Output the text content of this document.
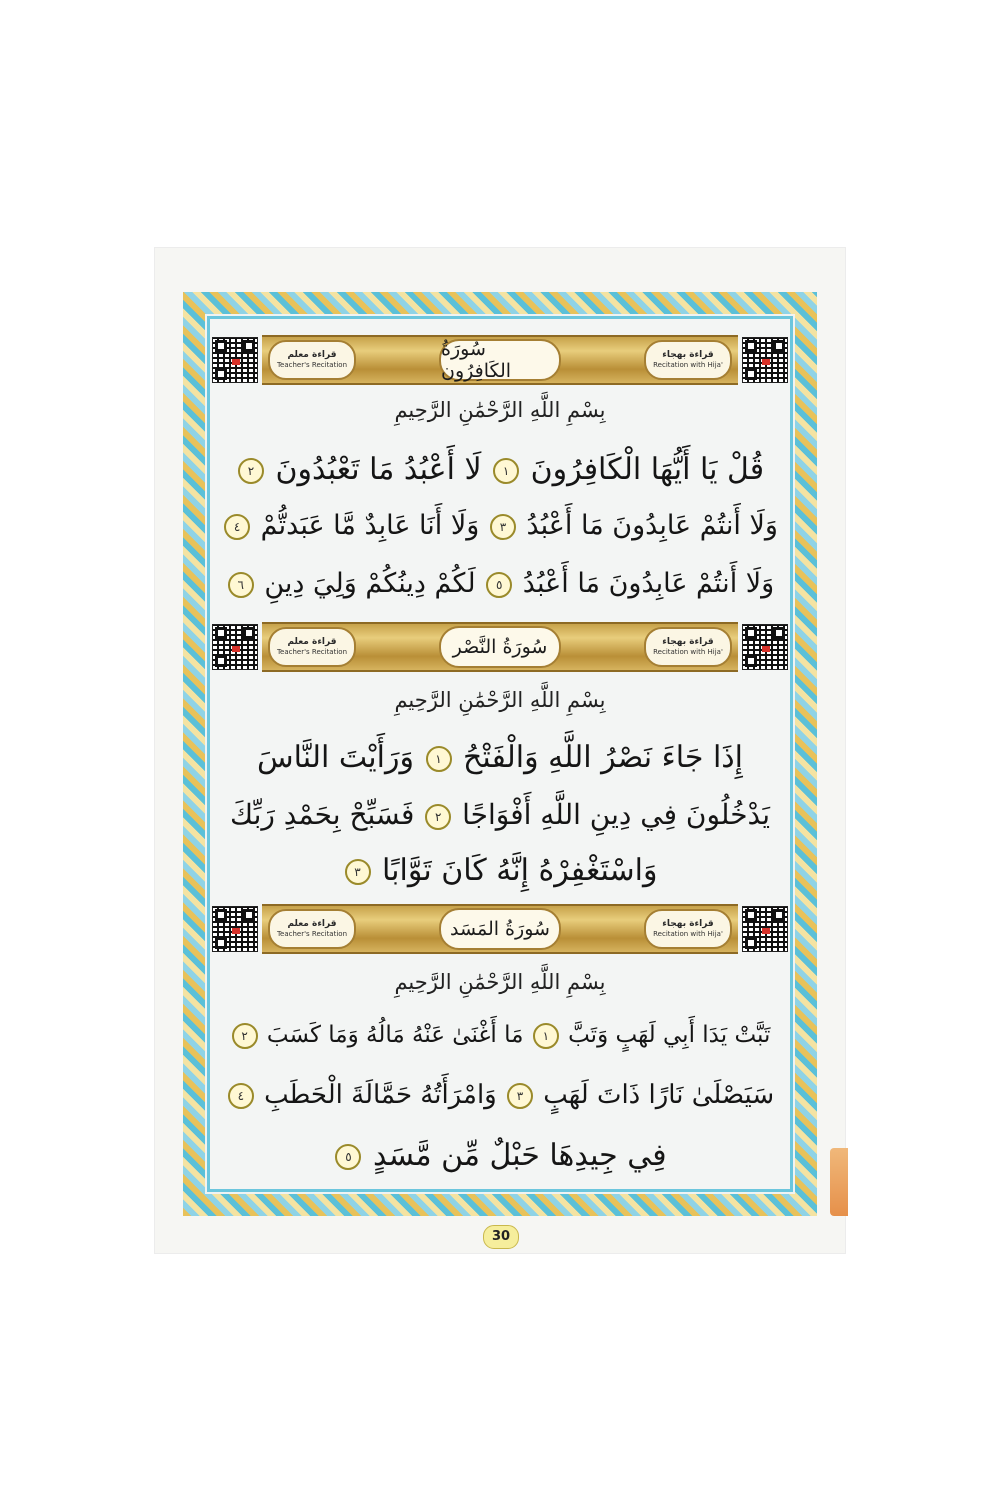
قراءة معلم
Teacher's Recitation
سُورَةُ الكَافِرُون
قراءة بهجاء
Recitation with Hija'
بِسْمِ اللَّهِ الرَّحْمَٰنِ الرَّحِيمِ
قُلْ يَا أَيُّهَا الْكَافِرُونَ ١ لَا أَعْبُدُ مَا تَعْبُدُونَ ٢
وَلَا أَنتُمْ عَابِدُونَ مَا أَعْبُدُ ٣ وَلَا أَنَا عَابِدٌ مَّا عَبَدتُّمْ ٤
وَلَا أَنتُمْ عَابِدُونَ مَا أَعْبُدُ ٥ لَكُمْ دِينُكُمْ وَلِيَ دِينِ ٦
قراءة معلم
Teacher's Recitation	سُورَةُ النَّصْر	قراءة بهجاء
Recitation with Hija'
بِسْمِ اللَّهِ الرَّحْمَٰنِ الرَّحِيمِ
إِذَا جَاءَ نَصْرُ اللَّهِ وَالْفَتْحُ ١ وَرَأَيْتَ النَّاسَ
يَدْخُلُونَ فِي دِينِ اللَّهِ أَفْوَاجًا ٢ فَسَبِّحْ بِحَمْدِ رَبِّكَ
وَاسْتَغْفِرْهُ إِنَّهُ كَانَ تَوَّابًا ٣
قراءة معلم
Teacher's Recitation	سُورَةُ المَسَد	قراءة بهجاء
Recitation with Hija'
بِسْمِ اللَّهِ الرَّحْمَٰنِ الرَّحِيمِ
تَبَّتْ يَدَا أَبِي لَهَبٍ وَتَبَّ ١ مَا أَغْنَىٰ عَنْهُ مَالُهُ وَمَا كَسَبَ ٢
سَيَصْلَىٰ نَارًا ذَاتَ لَهَبٍ ٣ وَامْرَأَتُهُ حَمَّالَةَ الْحَطَبِ ٤
فِي جِيدِهَا حَبْلٌ مِّن مَّسَدٍ ٥
30
